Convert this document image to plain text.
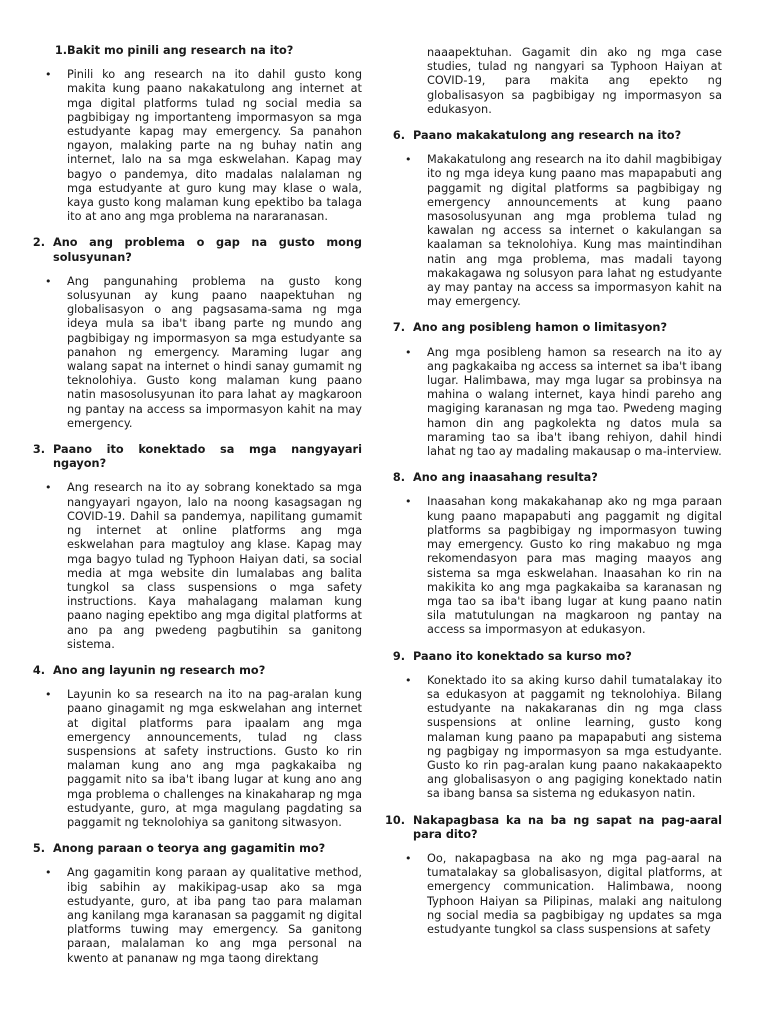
1. Bakit mo pinili ang research na ito?
•	Pinili ko ang research na ito dahil gusto kong makita kung paano nakakatulong ang internet at mga digital platforms tulad ng social media sa pagbibigay ng importanteng impormasyon sa mga estudyante kapag may emergency. Sa panahon ngayon, malaking parte na ng buhay natin ang internet, lalo na sa mga eskwelahan. Kapag may bagyo o pandemya, dito madalas nalalaman ng mga estudyante at guro kung may klase o wala, kaya gusto kong malaman kung epektibo ba talaga ito at ano ang mga problema na nararanasan.
2. Ano ang problema o gap na gusto mong solusyunan?
•	Ang pangunahing problema na gusto kong solusyunan ay kung paano naapektuhan ng globalisasyon o ang pagsasama-sama ng mga ideya mula sa iba't ibang parte ng mundo ang pagbibigay ng impormasyon sa mga estudyante sa panahon ng emergency. Maraming lugar ang walang sapat na internet o hindi sanay gumamit ng teknolohiya. Gusto kong malaman kung paano natin masosolusyunan ito para lahat ay magkaroon ng pantay na access sa impormasyon kahit na may emergency.
3. Paano ito konektado sa mga nangyayari ngayon?
•	Ang research na ito ay sobrang konektado sa mga nangyayari ngayon, lalo na noong kasagsagan ng COVID-19. Dahil sa pandemya, napilitang gumamit ng internet at online platforms ang mga eskwelahan para magtuloy ang klase. Kapag may mga bagyo tulad ng Typhoon Haiyan dati, sa social media at mga website din lumalabas ang balita tungkol sa class suspensions o mga safety instructions. Kaya mahalagang malaman kung paano naging epektibo ang mga digital platforms at ano pa ang pwedeng pagbutihin sa ganitong sistema.
4. Ano ang layunin ng research mo?
•	Layunin ko sa research na ito na pag-aralan kung paano ginagamit ng mga eskwelahan ang internet at digital platforms para ipaalam ang mga emergency announcements, tulad ng class suspensions at safety instructions. Gusto ko rin malaman kung ano ang mga pagkakaiba ng paggamit nito sa iba't ibang lugar at kung ano ang mga problema o challenges na kinakaharap ng mga estudyante, guro, at mga magulang pagdating sa paggamit ng teknolohiya sa ganitong sitwasyon.
5. Anong paraan o teorya ang gagamitin mo?
•	Ang gagamitin kong paraan ay qualitative method, ibig sabihin ay makikipag-usap ako sa mga estudyante, guro, at iba pang tao para malaman ang kanilang mga karanasan sa paggamit ng digital platforms tuwing may emergency. Sa ganitong paraan, malalaman ko ang mga personal na kwento at pananaw ng mga taong direktang
naaapektuhan. Gagamit din ako ng mga case studies, tulad ng nangyari sa Typhoon Haiyan at COVID-19, para makita ang epekto ng globalisasyon sa pagbibigay ng impormasyon sa edukasyon.
6. Paano makakatulong ang research na ito?
•	Makakatulong ang research na ito dahil magbibigay ito ng mga ideya kung paano mas mapapabuti ang paggamit ng digital platforms sa pagbibigay ng emergency announcements at kung paano masosolusyunan ang mga problema tulad ng kawalan ng access sa internet o kakulangan sa kaalaman sa teknolohiya. Kung mas maintindihan natin ang mga problema, mas madali tayong makakagawa ng solusyon para lahat ng estudyante ay may pantay na access sa impormasyon kahit na may emergency.
7. Ano ang posibleng hamon o limitasyon?
•	Ang mga posibleng hamon sa research na ito ay ang pagkakaiba ng access sa internet sa iba't ibang lugar. Halimbawa, may mga lugar sa probinsya na mahina o walang internet, kaya hindi pareho ang magiging karanasan ng mga tao. Pwedeng maging hamon din ang pagkolekta ng datos mula sa maraming tao sa iba't ibang rehiyon, dahil hindi lahat ng tao ay madaling makausap o ma-interview.
8. Ano ang inaasahang resulta?
•	Inaasahan kong makakahanap ako ng mga paraan kung paano mapapabuti ang paggamit ng digital platforms sa pagbibigay ng impormasyon tuwing may emergency. Gusto ko ring makabuo ng mga rekomendasyon para mas maging maayos ang sistema sa mga eskwelahan. Inaasahan ko rin na makikita ko ang mga pagkakaiba sa karanasan ng mga tao sa iba't ibang lugar at kung paano natin sila matutulungan na magkaroon ng pantay na access sa impormasyon at edukasyon.
9. Paano ito konektado sa kurso mo?
•	Konektado ito sa aking kurso dahil tumatalakay ito sa edukasyon at paggamit ng teknolohiya. Bilang estudyante na nakakaranas din ng mga class suspensions at online learning, gusto kong malaman kung paano pa mapapabuti ang sistema ng pagbigay ng impormasyon sa mga estudyante. Gusto ko rin pag-aralan kung paano nakakaapekto ang globalisasyon o ang pagiging konektado natin sa ibang bansa sa sistema ng edukasyon natin.
10. Nakapagbasa ka na ba ng sapat na pag-aaral para dito?
•	Oo, nakapagbasa na ako ng mga pag-aaral na tumatalakay sa globalisasyon, digital platforms, at emergency communication. Halimbawa, noong Typhoon Haiyan sa Pilipinas, malaki ang naitulong ng social media sa pagbibigay ng updates sa mga estudyante tungkol sa class suspensions at safety
